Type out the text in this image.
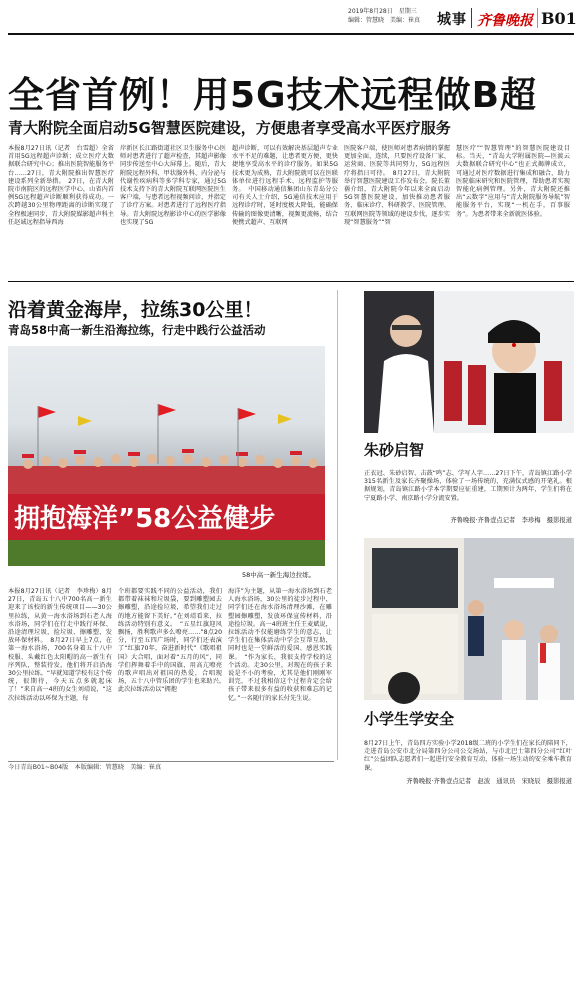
2019年8月28日　星期三
编辑：管慧晓　美编：崔真 城事 齐鲁晚报 B01
全省首例！用5G技术远程做B超
青大附院全面启动5G智慧医院建设，方便患者享受高水平医疗服务
本报8月27日讯（记者　台雪超）全省首用5G远程超声诊断；成立医疗大数据联合研究中心；推出医院智能服务平台……27日，青大附院推出智慧医疗建设系列全新举措。　27日，在青大附院市南院区的远程医学中心，山省内首例5G远程超声诊断顺利获得成功。一次跨越30公里物理距离的诊断实现了全程极速同步，青大附院媒影超声科主任赵诚远程指导西海
岸新区长江路街道社区卫生服务中心医师对患者进行了超声检查，其超声影像同步传送至中心大屏幕上。随后，青大附院远程外科、甲状腺外科、内分泌与代谢性疾病科等多学科专家，通过5G技术支持下的青大附院互联网医院医生客户端，与患者远程视频问诊，并指定了诊疗方案。对患者进行了远程医疗指导。青大附院远程影诊中心的医学影像也实现了5G
超声诊断，可以有效解决基层超声专业水平不足的难题，让患者更方便，更快捷地享受高水平的诊疗服务。如果5G技术更为成熟，青大附院就可以在医联体单位进行远程手术、远程监护等服务。　中国移动通信集团山东青岛分公司有关人士介绍，5G通信技术应用于远程诊疗时，延时度极大降低，能确保传输的图像更清晰，视频更流畅，结合便携式超声、互联网
医院客户端，使医师对患者病情的掌握更加全面、连续，只要医疗设备厂家、运营商、医院等共同努力，5G远程医疗将指日可待。　8月27日，青大附院举行智慧医院建设工作发布会。院长董蒨介绍，青大附院今年以来全面启动5G智慧医院建设，加快推动患者服务、临床诊疗、科研教学、医院管理、互联网医院等领域的建设步伐，逐步实现“智慧服务”“智
慧医疗”“智慧管理”的智慧医院建设目标。当天，“青岛大学附属医院—医渡云大数据联合研究中心”也正式揭牌成立，可通过对医疗数据进行集成和融合，助力医院临床研究和医院管理，帮助患者实现智能化病例管理。另外，青大附院还推出“云数字”应用与“青大附院服务导航”智能服务平台，实现“一机在手，百事服务”。为患者带来全新就医体验。
沿着黄金海岸，拉练30公里！
青岛58中高一新生沿海拉练，行走中践行公益活动
拥抱海洋”58公益健步
58中高一新生海边拉练。
本报8月27日讯（记者　李珍梅）8月27日，青岛五十八中700名高一新生迎来了该校的新生传统项目——30公里拉练，从黄一海水浴场到石老人海水浴场，同学们在行走中践行环保、沿途清理垃圾，捡垃圾、擦雕塑，发放环保材料。　8月27日早上7点，在第一海水浴场，700名身着五十八中校服、头戴红色太阳帽的高一新生有序列队，整装待发，他们将开启沿海30公里拉练。“早就知道学校有这个传统，很期待，今天五点多就起床了！”来自高一4班的女生刘靖说，“这次拉练活动以环保为主题，每
个班都要实践不同的公益活动，我们都带着袜袜和垃圾袋，要到雕塑园去擦雕塑，沿途捡垃圾，希望我们走过的地方能留下美好。”在刘靖看来，拉练活动特别有意义。　“五星红旗迎风飘扬，胜利歌声多么嘹亮……”8点20分，行至五四广场时，同学们还表演了“红旗70年，奋进新时代”《歌唱祖国》大合唱，面对着“五月的风”，同学们挥舞着手中的国旗，用高亢嘹亮的歌声唱出对祖国的热爱，合唱现场，五十八中管乐团的学生也来助兴。　此次拉练活动以“拥抱
海洋”为主题，从第一海水浴场到石老人海水浴场，30公里的徒步过程中，同学们还在海水浴场清理沙滩，在雕塑园擦雕塑，发放环保宣传材料，沿途捡垃圾。高一4班班主任王麦斌说，拉练活动不仅能磨练学生的意志，让学生们在集体活动中学会互帮互助，同时也是一堂鲜活的爱国、感恩实践课。　“作为家长，我很支持学校的这个活动。走30公里，对现在的孩子来说是不小的考验，尤其是他们刚刚军训完，不过我相信这个过程肯定会给孩子带来很多有益的收获和难忘的记忆。”一名随行的家长付先生说。
朱砂启智
正衣冠、朱砂启智、击鼓“鸣”志、学写人字……27日下午，青岛镇江路小学315名新生及家长齐聚操场，体验了一场传统的，充满仪式感的开笔礼。根据规划，青岛镇江路小学本学期要应征重建，工期预计为两年，学生们将在宁夏路小学、南京路小学分流安置。
齐鲁晚报·齐鲁壹点记者　李珍梅　摄影报道
小学生学安全
8月27日上午，青岛四方实验小学2018级二班的小学生们在家长的陪同下，走进青岛公安市北分局第四分公司公交场站，与市北巴士第四分公司“红叶红”公益团队志愿者们一起进行安全教育互动，体验一场生动的安全乘车教育课。
齐鲁晚报·齐鲁壹点记者　赵波　通讯员　宋晓辰　摄影报道
今日青岛B01~B04版　本版编辑：管慧晓　美编：崔真
